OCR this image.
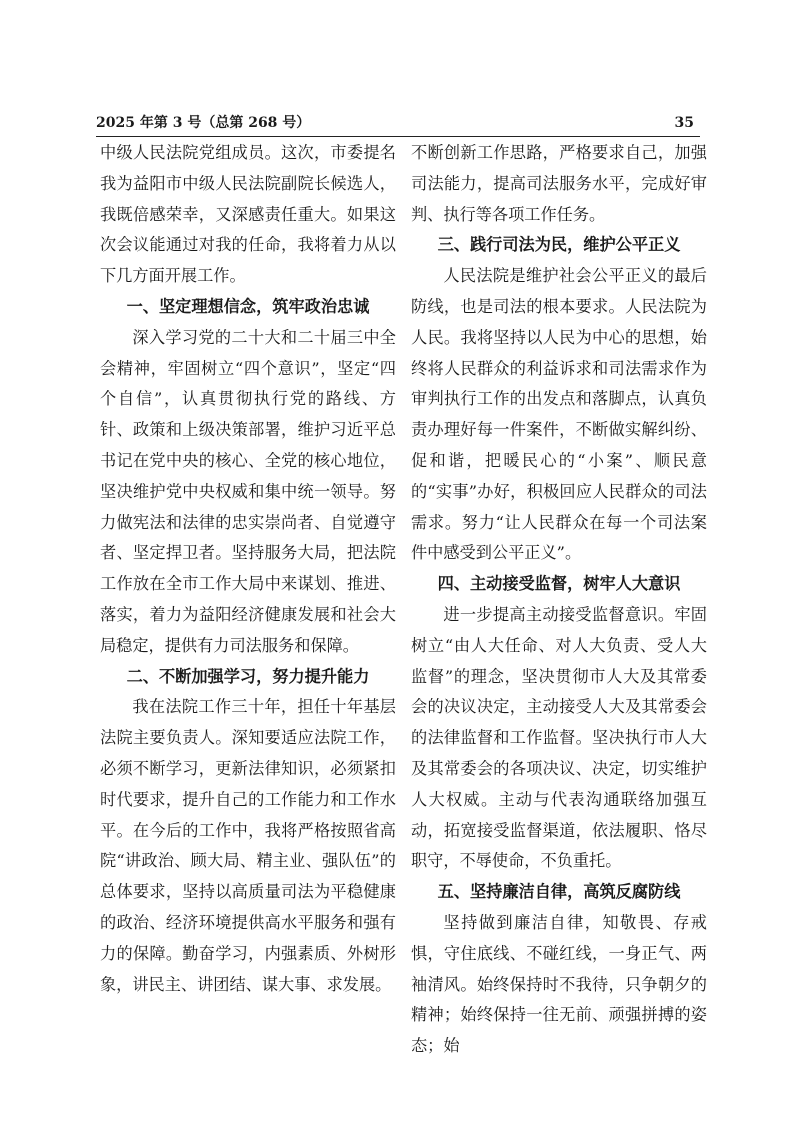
2025 年第 3 号（总第 268 号）	35

中级人民法院党组成员。这次，市委提名我为益阳市中级人民法院副院长候选人，我既倍感荣幸，又深感责任重大。如果这次会议能通过对我的任命，我将着力从以下几方面开展工作。

一、坚定理想信念，筑牢政治忠诚

深入学习党的二十大和二十届三中全会精神，牢固树立“四个意识”，坚定“四个自信”，认真贯彻执行党的路线、方针、政策和上级决策部署，维护习近平总书记在党中央的核心、全党的核心地位，坚决维护党中央权威和集中统一领导。努力做宪法和法律的忠实崇尚者、自觉遵守者、坚定捍卫者。坚持服务大局，把法院工作放在全市工作大局中来谋划、推进、落实，着力为益阳经济健康发展和社会大局稳定，提供有力司法服务和保障。

二、不断加强学习，努力提升能力

我在法院工作三十年，担任十年基层法院主要负责人。深知要适应法院工作，必须不断学习，更新法律知识，必须紧扣时代要求，提升自己的工作能力和工作水平。在今后的工作中，我将严格按照省高院“讲政治、顾大局、精主业、强队伍”的总体要求，坚持以高质量司法为平稳健康的政治、经济环境提供高水平服务和强有力的保障。勤奋学习，内强素质、外树形象，讲民主、讲团结、谋大事、求发展。

不断创新工作思路，严格要求自己，加强司法能力，提高司法服务水平，完成好审判、执行等各项工作任务。

三、践行司法为民，维护公平正义

人民法院是维护社会公平正义的最后防线，也是司法的根本要求。人民法院为人民。我将坚持以人民为中心的思想，始终将人民群众的利益诉求和司法需求作为审判执行工作的出发点和落脚点，认真负责办理好每一件案件，不断做实解纠纷、促和谐，把暖民心的“小案”、顺民意的“实事”办好，积极回应人民群众的司法需求。努力“让人民群众在每一个司法案件中感受到公平正义”。

四、主动接受监督，树牢人大意识

进一步提高主动接受监督意识。牢固树立“由人大任命、对人大负责、受人大监督”的理念，坚决贯彻市人大及其常委会的决议决定，主动接受人大及其常委会的法律监督和工作监督。坚决执行市人大及其常委会的各项决议、决定，切实维护人大权威。主动与代表沟通联络加强互动，拓宽接受监督渠道，依法履职、恪尽职守，不辱使命，不负重托。

五、坚持廉洁自律，高筑反腐防线

坚持做到廉洁自律，知敬畏、存戒惧，守住底线、不碰红线，一身正气、两袖清风。始终保持时不我待，只争朝夕的精神；始终保持一往无前、顽强拼搏的姿态；始
